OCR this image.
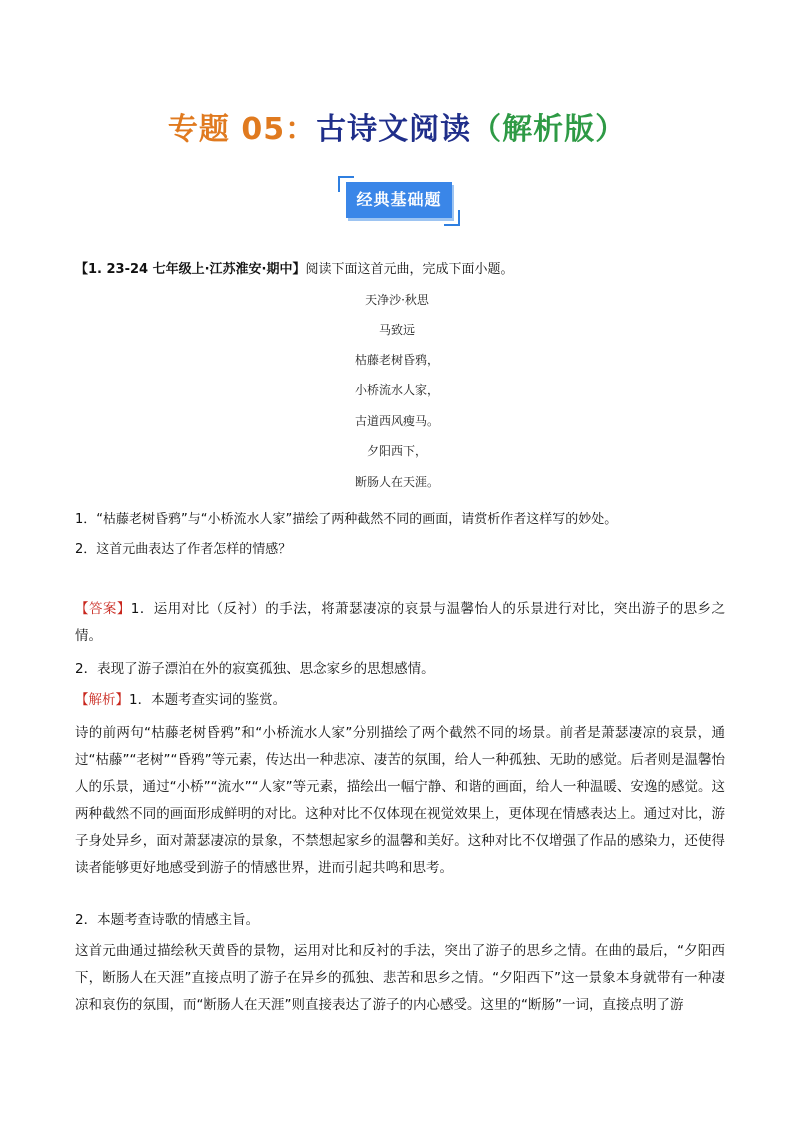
专题 05：古诗文阅读（解析版）
经典基础题
【1. 23-24 七年级上·江苏淮安·期中】阅读下面这首元曲，完成下面小题。
天净沙·秋思
马致远
枯藤老树昏鸦，
小桥流水人家，
古道西风瘦马。
夕阳西下，
断肠人在天涯。
1．“枯藤老树昏鸦”与“小桥流水人家”描绘了两种截然不同的画面，请赏析作者这样写的妙处。
2．这首元曲表达了作者怎样的情感？
【答案】1．运用对比（反衬）的手法，将萧瑟凄凉的哀景与温馨怡人的乐景进行对比，突出游子的思乡之情。
2．表现了游子漂泊在外的寂寞孤独、思念家乡的思想感情。
【解析】1．本题考查实词的鉴赏。
诗的前两句“枯藤老树昏鸦”和“小桥流水人家”分别描绘了两个截然不同的场景。前者是萧瑟凄凉的哀景，通过“枯藤”“老树”“昏鸦”等元素，传达出一种悲凉、凄苦的氛围，给人一种孤独、无助的感觉。后者则是温馨怡人的乐景，通过“小桥”“流水”“人家”等元素，描绘出一幅宁静、和谐的画面，给人一种温暖、安逸的感觉。这两种截然不同的画面形成鲜明的对比。这种对比不仅体现在视觉效果上，更体现在情感表达上。通过对比，游子身处异乡，面对萧瑟凄凉的景象，不禁想起家乡的温馨和美好。这种对比不仅增强了作品的感染力，还使得读者能够更好地感受到游子的情感世界，进而引起共鸣和思考。
2．本题考查诗歌的情感主旨。
这首元曲通过描绘秋天黄昏的景物，运用对比和反衬的手法，突出了游子的思乡之情。在曲的最后，“夕阳西下，断肠人在天涯”直接点明了游子在异乡的孤独、悲苦和思乡之情。“夕阳西下”这一景象本身就带有一种凄凉和哀伤的氛围，而“断肠人在天涯”则直接表达了游子的内心感受。这里的“断肠”一词，直接点明了游
